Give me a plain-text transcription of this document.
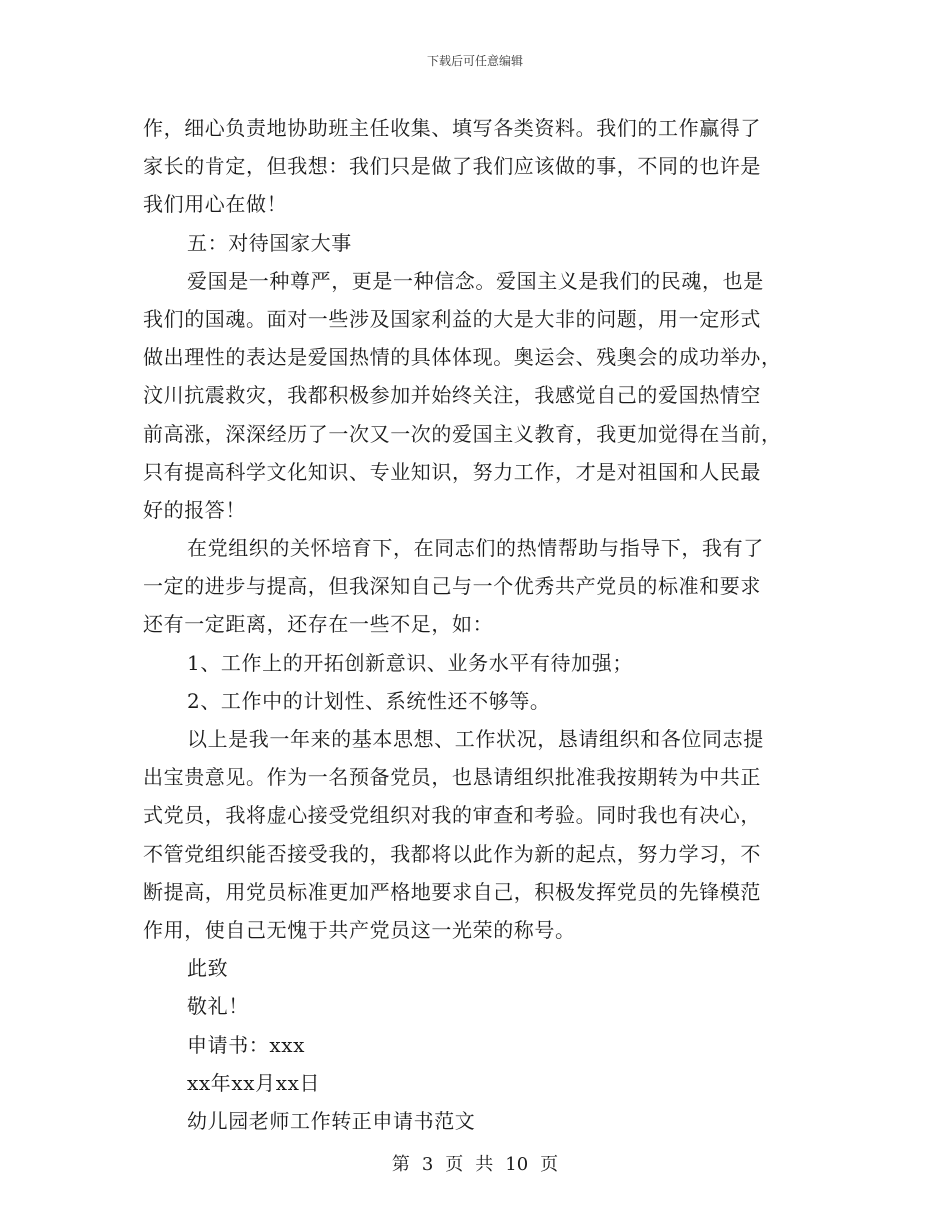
下载后可任意编辑
作，细心负责地协助班主任收集、填写各类资料。我们的工作赢得了
家长的肯定，但我想：我们只是做了我们应该做的事，不同的也许是
我们用心在做！
五：对待国家大事
爱国是一种尊严，更是一种信念。爱国主义是我们的民魂，也是
我们的国魂。面对一些涉及国家利益的大是大非的问题，用一定形式
做出理性的表达是爱国热情的具体体现。奥运会、残奥会的成功举办，
汶川抗震救灾，我都积极参加并始终关注，我感觉自己的爱国热情空
前高涨，深深经历了一次又一次的爱国主义教育，我更加觉得在当前，
只有提高科学文化知识、专业知识，努力工作，才是对祖国和人民最
好的报答！
在党组织的关怀培育下，在同志们的热情帮助与指导下，我有了
一定的进步与提高，但我深知自己与一个优秀共产党员的标准和要求
还有一定距离，还存在一些不足，如：
1、工作上的开拓创新意识、业务水平有待加强；
2、工作中的计划性、系统性还不够等。
以上是我一年来的基本思想、工作状况，恳请组织和各位同志提
出宝贵意见。作为一名预备党员，也恳请组织批准我按期转为中共正
式党员，我将虚心接受党组织对我的审查和考验。同时我也有决心，
不管党组织能否接受我的，我都将以此作为新的起点，努力学习，不
断提高，用党员标准更加严格地要求自己，积极发挥党员的先锋模范
作用，使自己无愧于共产党员这一光荣的称号。
此致
敬礼！
申请书：xxx
xx年xx月xx日
幼儿园老师工作转正申请书范文
第 3 页 共 10 页
